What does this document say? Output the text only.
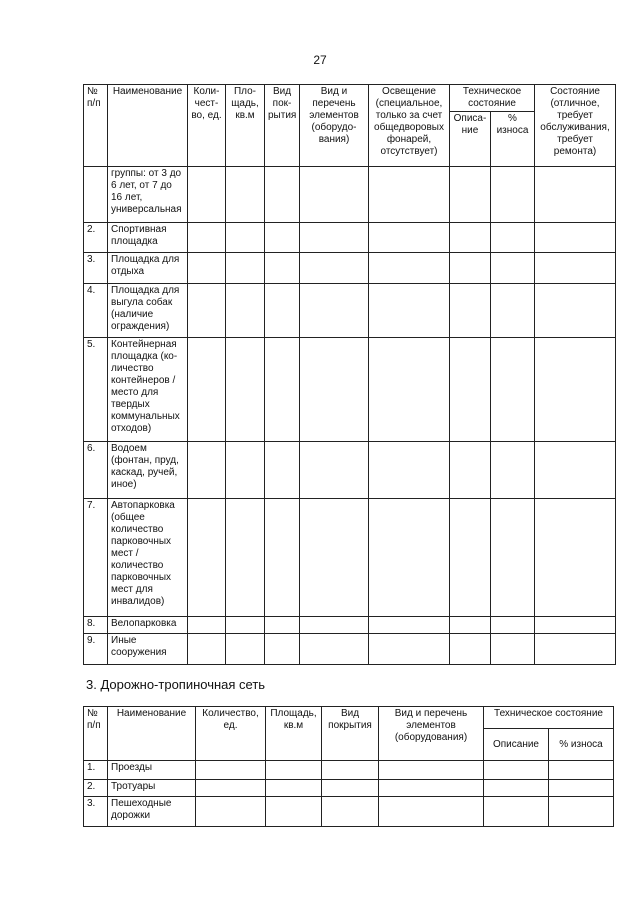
27
№ п/п	Наименование	Коли-чест-во, ед.	Пло-щадь, кв.м	Вид пок-рытия	Вид и перечень элементов (оборудо-вания)	Освещение (специальное, только за счет общедворовых фонарей, отсутствует)	Техническое состояние		Состояние (отличное, требует обслуживания, требует ремонта)
							Описа-ние	% износа	
	группы: от 3 до 6 лет, от 7 до 16 лет, универсальная								
2.	Спортивная площадка								
3.	Площадка для отдыха								
4.	Площадка для выгула собак (наличие ограждения)								
5.	Контейнерная площадка (ко-личество контейнеров / место для твердых коммунальных отходов)								
6.	Водоем (фонтан, пруд, каскад, ручей, иное)								
7.	Автопарковка (общее количество парковочных мест / количество парковочных мест для инвалидов)								
8.	Велопарковка								
9.	Иные сооружения								
3. Дорожно-тропиночная сеть
№ п/п	Наименование	Количество, ед.	Площадь, кв.м	Вид покрытия	Вид и перечень элементов (оборудования)	Техническое состояние	
						Описание	% износа
1.	Проезды						
2.	Тротуары						
3.	Пешеходные дорожки						
